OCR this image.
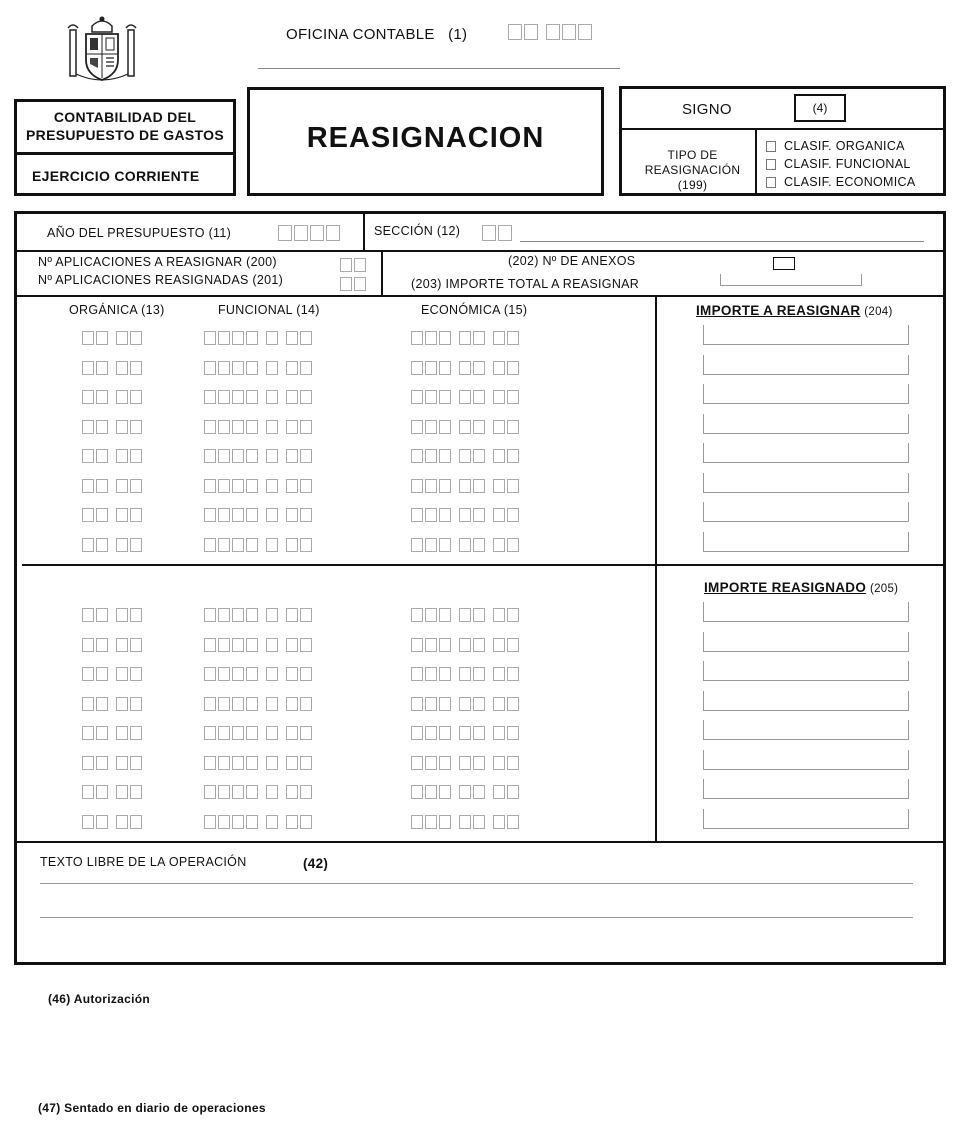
OFICINA CONTABLE (1)
CONTABILIDAD DEL
PRESUPUESTO DE GASTOS
EJERCICIO CORRIENTE
REASIGNACION
SIGNO	(4)
TIPO DE
REASIGNACIÓN
(199)
CLASIF. ORGANICA
CLASIF. FUNCIONAL
CLASIF. ECONOMICA
AÑO DEL PRESUPUESTO (11)	SECCIÓN (12)
Nº APLICACIONES A REASIGNAR (200)
Nº APLICACIONES REASIGNADAS (201)
(202) Nº DE ANEXOS
(203) IMPORTE TOTAL A REASIGNAR
ORGÁNICA (13)	FUNCIONAL (14)	ECONÓMICA (15)	IMPORTE A REASIGNAR (204)
IMPORTE REASIGNADO (205)
TEXTO LIBRE DE LA OPERACIÓN	(42)
(46) Autorización
(47) Sentado en diario de operaciones
